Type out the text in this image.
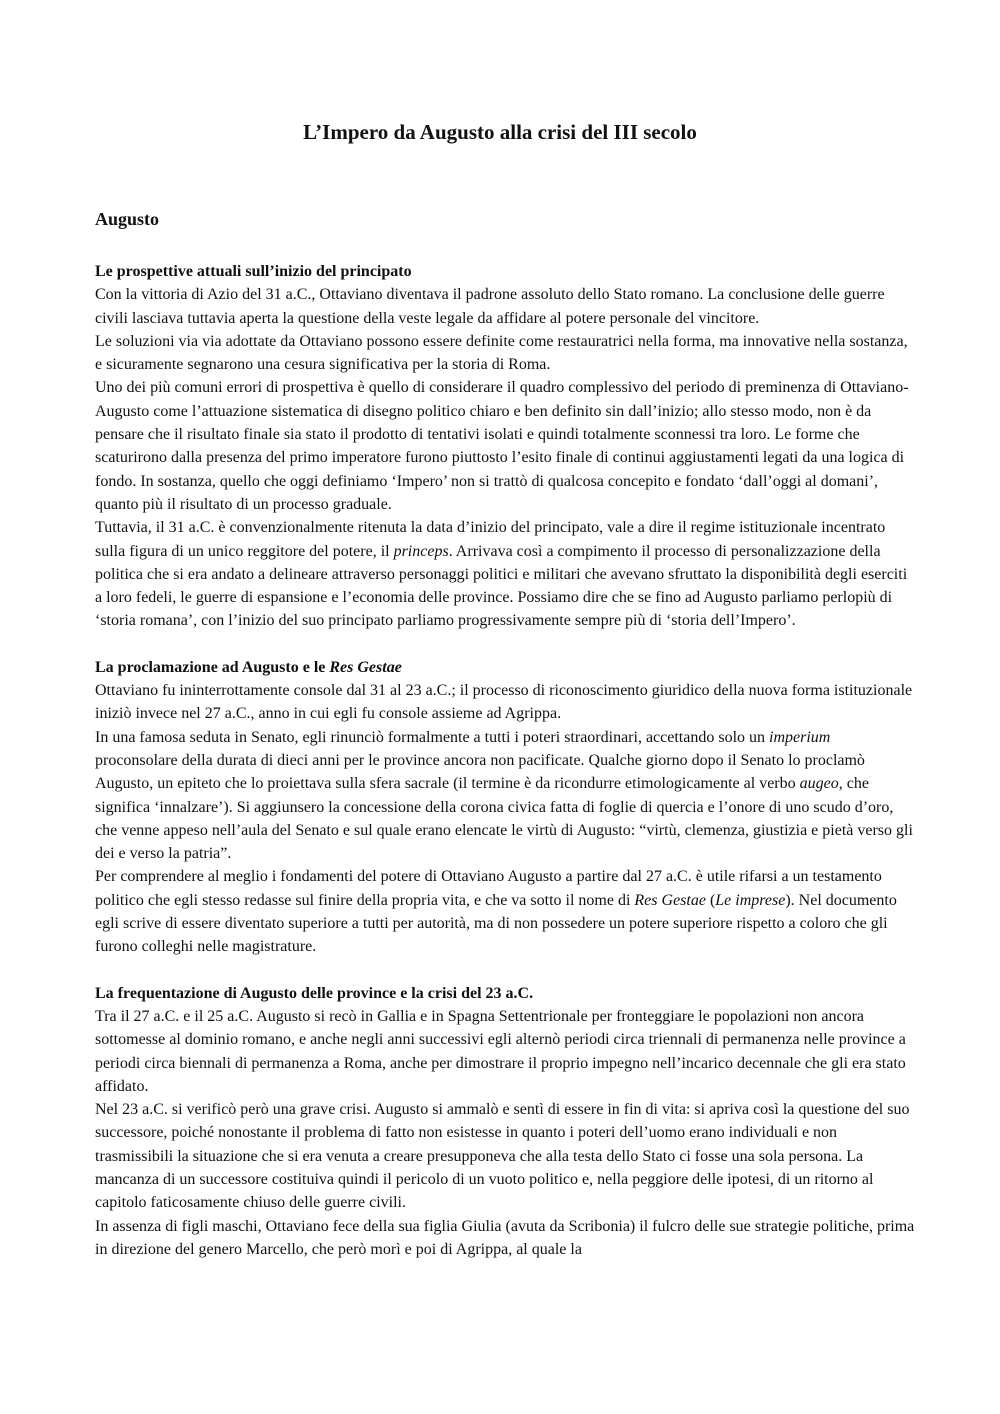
L’Impero da Augusto alla crisi del III secolo
Augusto
Le prospettive attuali sull’inizio del principato

Con la vittoria di Azio del 31 a.C., Ottaviano diventava il padrone assoluto dello Stato romano. La conclusione delle guerre civili lasciava tuttavia aperta la questione della veste legale da affidare al potere personale del vincitore.

Le soluzioni via via adottate da Ottaviano possono essere definite come restauratrici nella forma, ma innovative nella sostanza, e sicuramente segnarono una cesura significativa per la storia di Roma.

Uno dei più comuni errori di prospettiva è quello di considerare il quadro complessivo del periodo di preminenza di Ottaviano-Augusto come l’attuazione sistematica di disegno politico chiaro e ben definito sin dall’inizio; allo stesso modo, non è da pensare che il risultato finale sia stato il prodotto di tentativi isolati e quindi totalmente sconnessi tra loro. Le forme che scaturirono dalla presenza del primo imperatore furono piuttosto l’esito finale di continui aggiustamenti legati da una logica di fondo. In sostanza, quello che oggi definiamo ‘Impero’ non si trattò di qualcosa concepito e fondato ‘dall’oggi al domani’, quanto più il risultato di un processo graduale.

Tuttavia, il 31 a.C. è convenzionalmente ritenuta la data d’inizio del principato, vale a dire il regime istituzionale incentrato sulla figura di un unico reggitore del potere, il princeps. Arrivava così a compimento il processo di personalizzazione della politica che si era andato a delineare attraverso personaggi politici e militari che avevano sfruttato la disponibilità degli eserciti a loro fedeli, le guerre di espansione e l’economia delle province. Possiamo dire che se fino ad Augusto parliamo perlopiù di ‘storia romana’, con l’inizio del suo principato parliamo progressivamente sempre più di ‘storia dell’Impero’.

La proclamazione ad Augusto e le Res Gestae

Ottaviano fu ininterrottamente console dal 31 al 23 a.C.; il processo di riconoscimento giuridico della nuova forma istituzionale iniziò invece nel 27 a.C., anno in cui egli fu console assieme ad Agrippa.

In una famosa seduta in Senato, egli rinunciò formalmente a tutti i poteri straordinari, accettando solo un imperium proconsolare della durata di dieci anni per le province ancora non pacificate. Qualche giorno dopo il Senato lo proclamò Augusto, un epiteto che lo proiettava sulla sfera sacrale (il termine è da ricondurre etimologicamente al verbo augeo, che significa ‘innalzare’). Si aggiunsero la concessione della corona civica fatta di foglie di quercia e l’onore di uno scudo d’oro, che venne appeso nell’aula del Senato e sul quale erano elencate le virtù di Augusto: “virtù, clemenza, giustizia e pietà verso gli dei e verso la patria”.

Per comprendere al meglio i fondamenti del potere di Ottaviano Augusto a partire dal 27 a.C. è utile rifarsi a un testamento politico che egli stesso redasse sul finire della propria vita, e che va sotto il nome di Res Gestae (Le imprese). Nel documento egli scrive di essere diventato superiore a tutti per autorità, ma di non possedere un potere superiore rispetto a coloro che gli furono colleghi nelle magistrature.

La frequentazione di Augusto delle province e la crisi del 23 a.C.

Tra il 27 a.C. e il 25 a.C. Augusto si recò in Gallia e in Spagna Settentrionale per fronteggiare le popolazioni non ancora sottomesse al dominio romano, e anche negli anni successivi egli alternò periodi circa triennali di permanenza nelle province a periodi circa biennali di permanenza a Roma, anche per dimostrare il proprio impegno nell’incarico decennale che gli era stato affidato.

Nel 23 a.C. si verificò però una grave crisi. Augusto si ammalò e sentì di essere in fin di vita: si apriva così la questione del suo successore, poiché nonostante il problema di fatto non esistesse in quanto i poteri dell’uomo erano individuali e non trasmissibili la situazione che si era venuta a creare presupponeva che alla testa dello Stato ci fosse una sola persona. La mancanza di un successore costituiva quindi il pericolo di un vuoto politico e, nella peggiore delle ipotesi, di un ritorno al capitolo faticosamente chiuso delle guerre civili.

In assenza di figli maschi, Ottaviano fece della sua figlia Giulia (avuta da Scribonia) il fulcro delle sue strategie politiche, prima in direzione del genero Marcello, che però morì e poi di Agrippa, al quale la
